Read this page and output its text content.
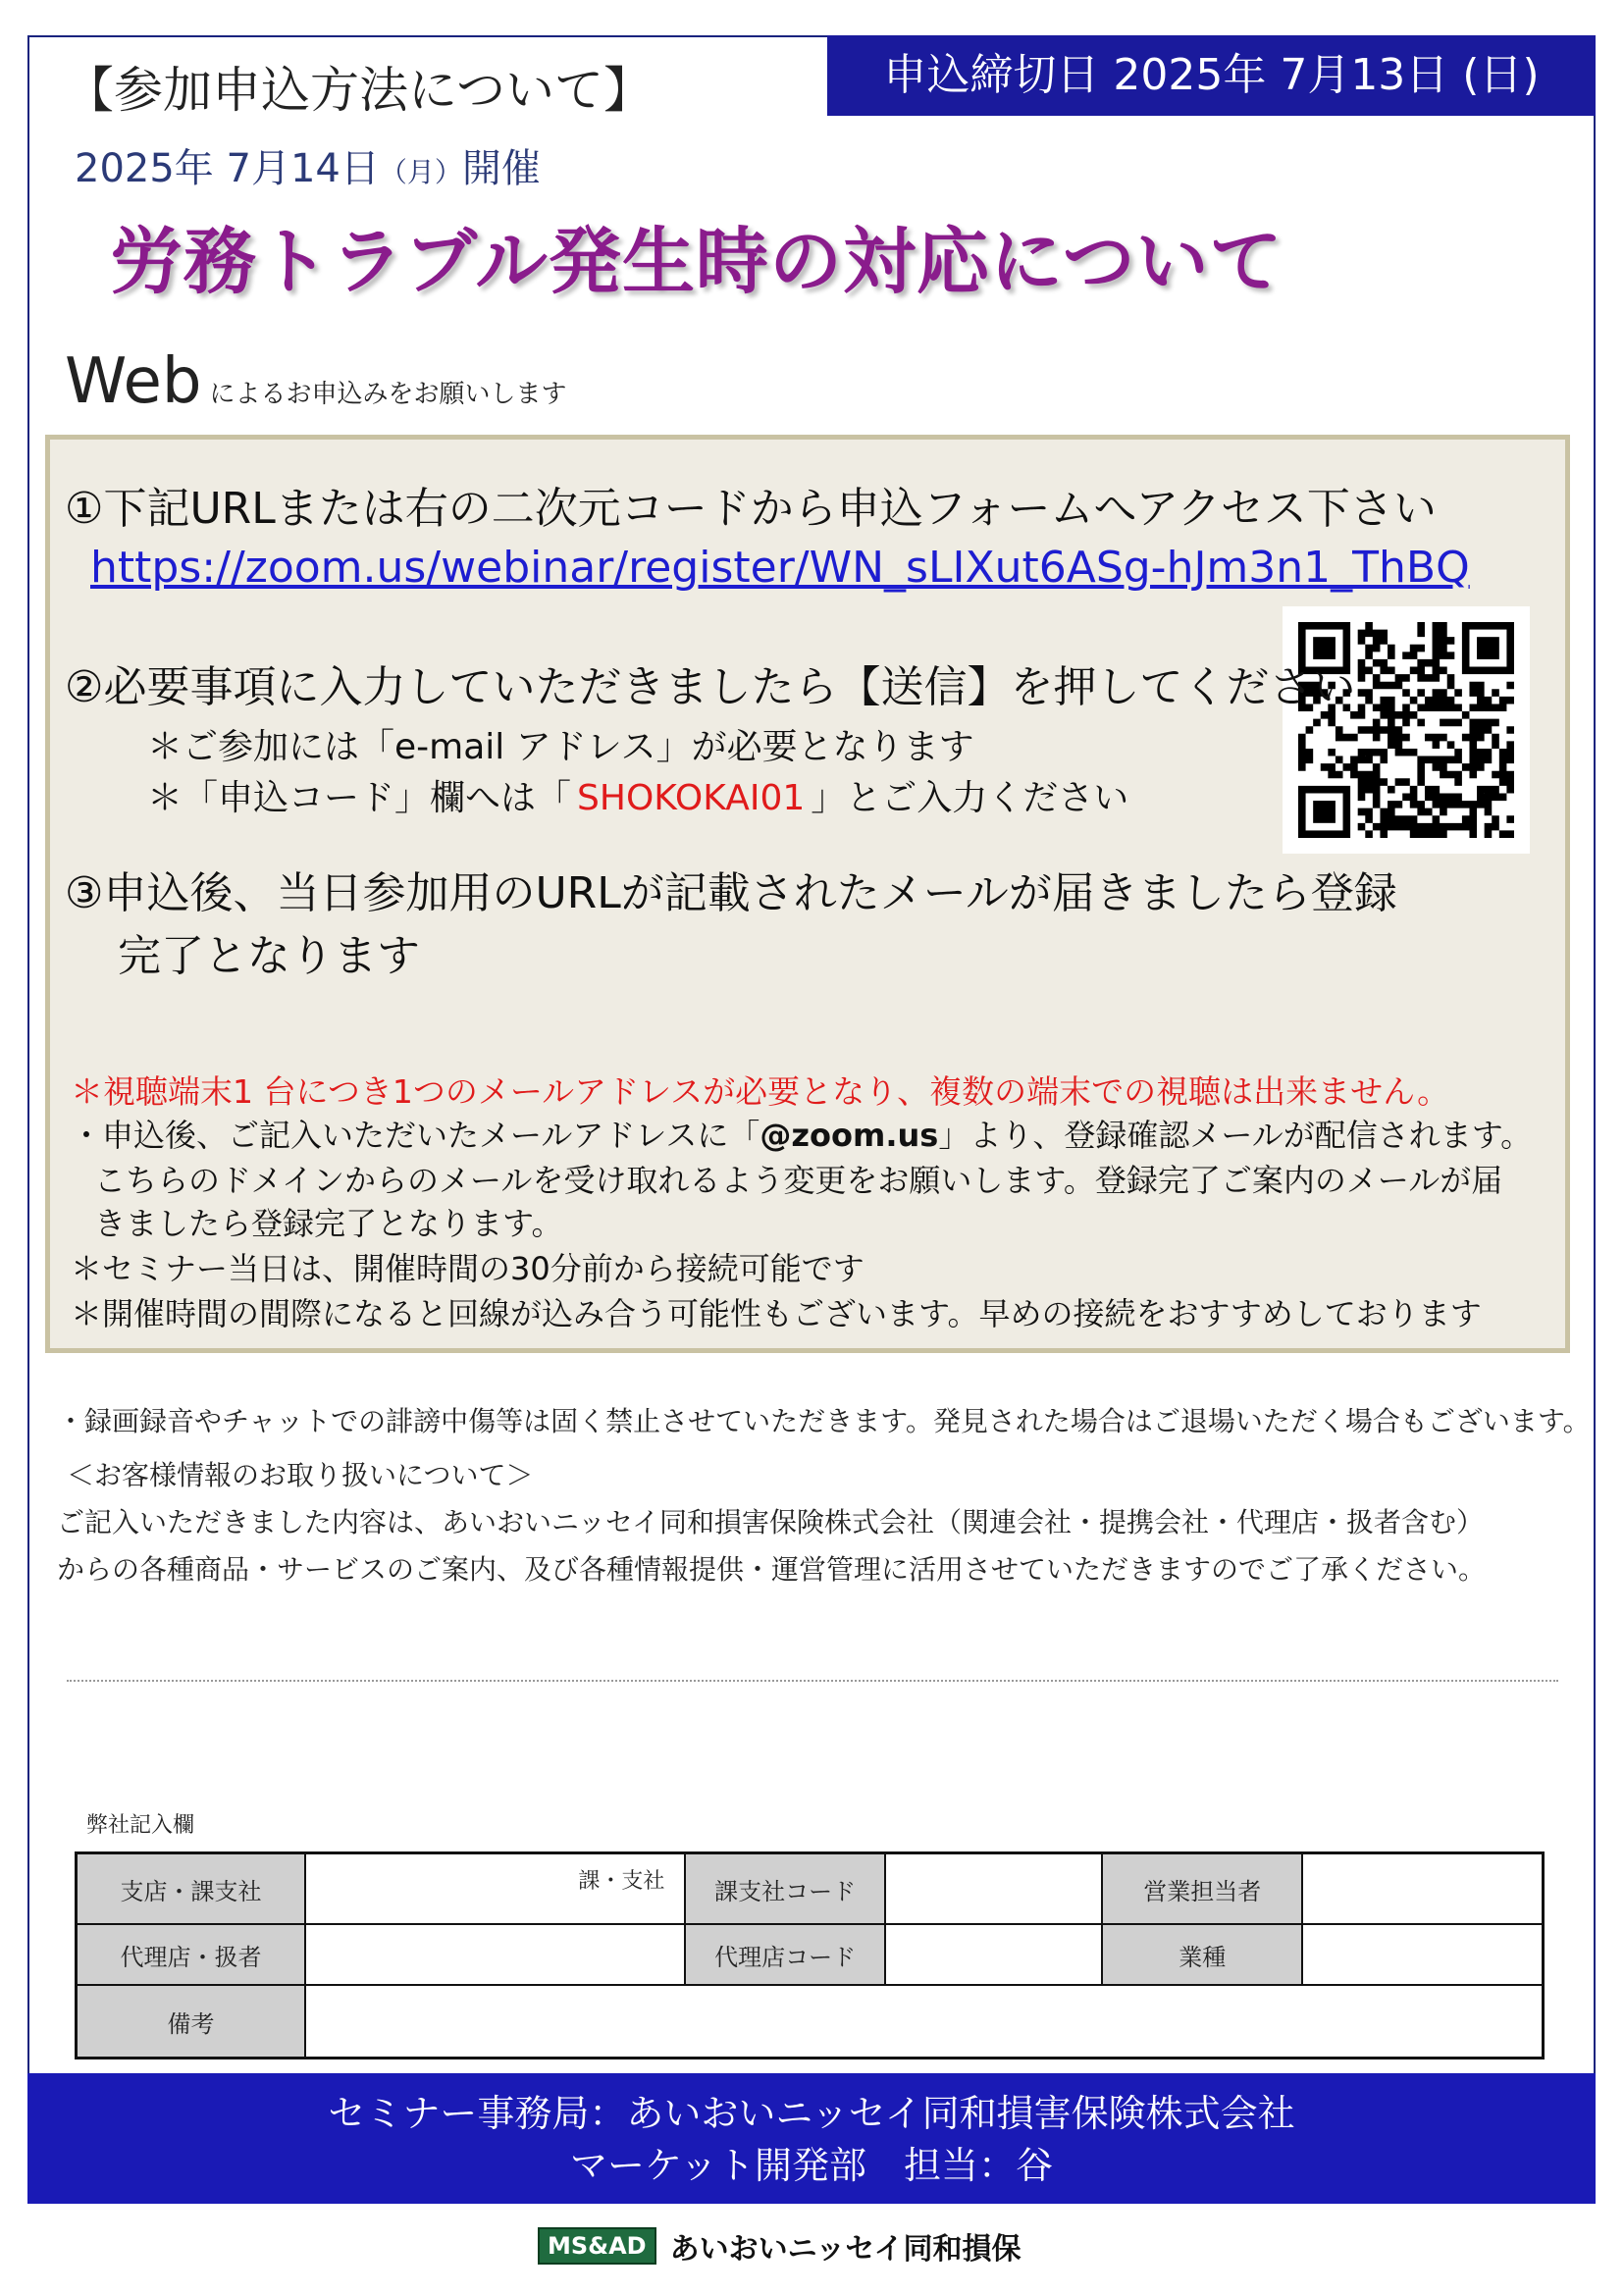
【参加申込方法について】	申込締切日 2025年 7月13日 (日)
2025年 7月14日（月）開催
労務トラブル発生時の対応について
Web によるお申込みをお願いします
①下記URLまたは右の二次元コードから申込フォームへアクセス下さい
https://zoom.us/webinar/register/WN_sLIXut6ASg-hJm3n1_ThBQ
②必要事項に入力していただきましたら【送信】を押してください
＊ご参加には「e-mail アドレス」が必要となります
＊「申込コード」欄へは「 SHOKOKAI01 」とご入力ください
③申込後、当日参加用のURLが記載されたメールが届きましたら登録
完了となります
＊視聴端末1 台につき1つのメールアドレスが必要となり、複数の端末での視聴は出来ません。
・申込後、ご記入いただいたメールアドレスに「@zoom.us」より、登録確認メールが配信されます。
こちらのドメインからのメールを受け取れるよう変更をお願いします。登録完了ご案内のメールが届
きましたら登録完了となります。
＊セミナー当日は、開催時間の30分前から接続可能です
＊開催時間の間際になると回線が込み合う可能性もございます。早めの接続をおすすめしております
・録画録音やチャットでの誹謗中傷等は固く禁止させていただきます。発見された場合はご退場いただく場合もございます。
＜お客様情報のお取り扱いについて＞
ご記入いただきました内容は、あいおいニッセイ同和損害保険株式会社（関連会社・提携会社・代理店・扱者含む）
からの各種商品・サービスのご案内、及び各種情報提供・運営管理に活用させていただきますのでご了承ください。
弊社記入欄
支店・課支社	課・支社	課支社コード		営業担当者	
代理店・扱者		代理店コード		業種	
備考					
セミナー事務局：あいおいニッセイ同和損害保険株式会社
マーケット開発部　担当：谷
MS&AD あいおいニッセイ同和損保
